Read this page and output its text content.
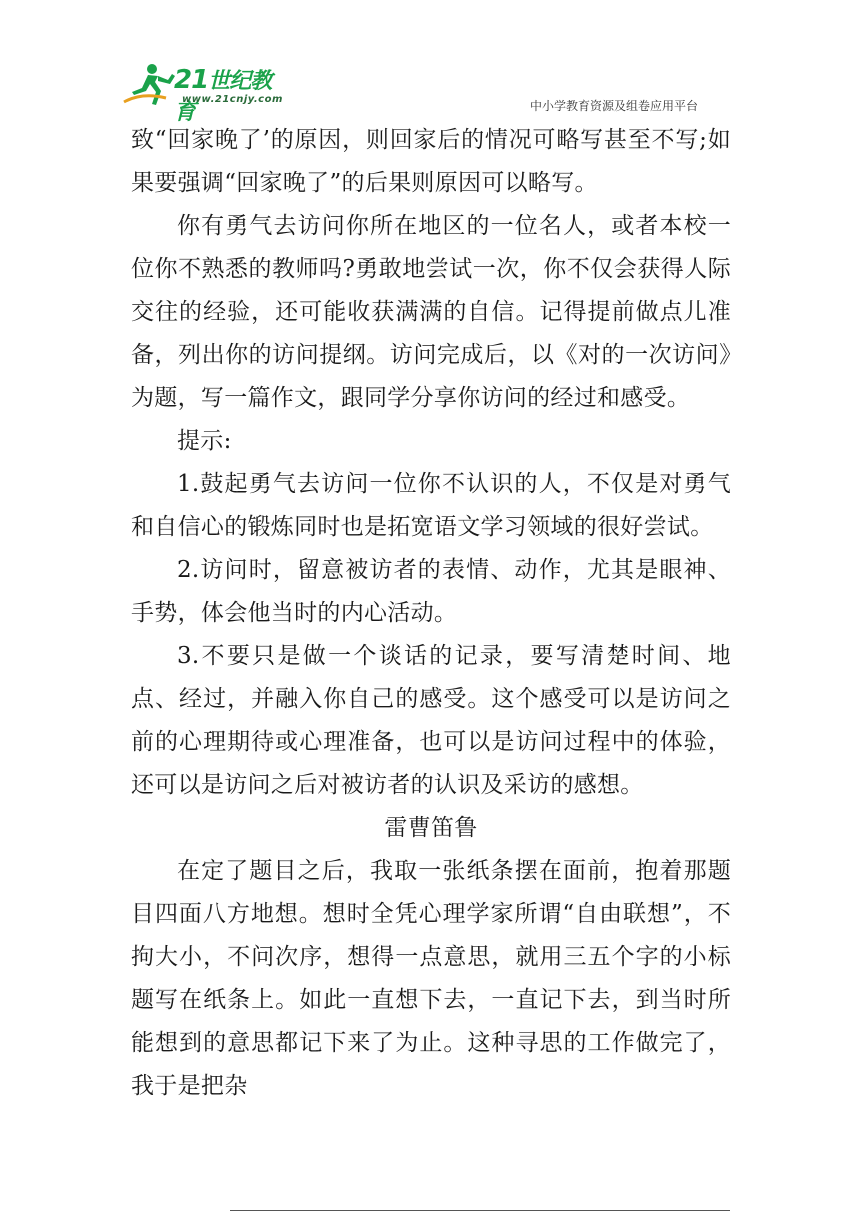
21世纪教育
www.21cnjy.com	中小学教育资源及组卷应用平台

致“回家晚了’的原因，则回家后的情况可略写甚至不写;如果要强调“回家晚了”的后果则原因可以略写。

你有勇气去访问你所在地区的一位名人，或者本校一位你不熟悉的教师吗?勇敢地尝试一次，你不仅会获得人际交往的经验，还可能收获满满的自信。记得提前做点儿准备，列出你的访问提纲。访问完成后，以《对的一次访问》为题，写一篇作文，跟同学分享你访问的经过和感受。

提示:

1.鼓起勇气去访问一位你不认识的人，不仅是对勇气和自信心的锻炼同时也是拓宽语文学习领域的很好尝试。

2.访问时，留意被访者的表情、动作，尤其是眼神、手势，体会他当时的内心活动。

3.不要只是做一个谈话的记录，要写清楚时间、地点、经过，并融入你自己的感受。这个感受可以是访问之前的心理期待或心理准备，也可以是访问过程中的体验，还可以是访问之后对被访者的认识及采访的感想。

雷曹笛鲁

在定了题目之后，我取一张纸条摆在面前，抱着那题目四面八方地想。想时全凭心理学家所谓“自由联想”，不拘大小，不问次序，想得一点意思，就用三五个字的小标题写在纸条上。如此一直想下去，一直记下去，到当时所能想到的意思都记下来了为止。这种寻思的工作做完了，我于是把杂
